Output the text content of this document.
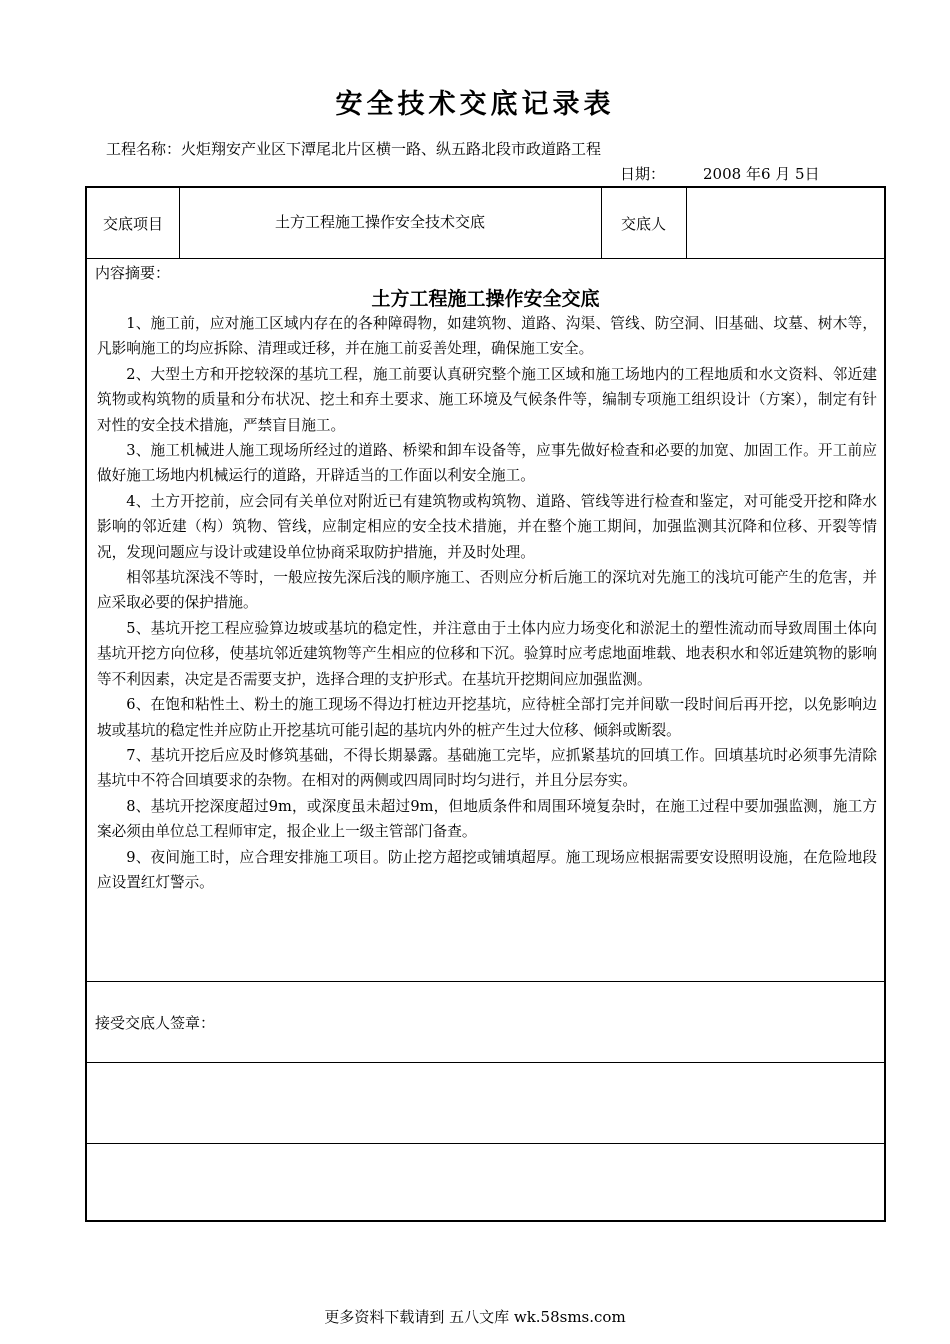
安全技术交底记录表
工程名称：火炬翔安产业区下潭尾北片区横一路、纵五路北段市政道路工程
日期：	2008 年6 月 5日
交底项目	土方工程施工操作安全技术交底	交底人
内容摘要：
土方工程施工操作安全交底

1、施工前，应对施工区域内存在的各种障碍物，如建筑物、道路、沟渠、管线、防空洞、旧基础、坟墓、树木等，凡影响施工的均应拆除、清理或迁移，并在施工前妥善处理，确保施工安全。

2、大型土方和开挖较深的基坑工程，施工前要认真研究整个施工区域和施工场地内的工程地质和水文资料、邻近建筑物或构筑物的质量和分布状况、挖土和弃土要求、施工环境及气候条件等，编制专项施工组织设计（方案），制定有针对性的安全技术措施，严禁盲目施工。

3、施工机械进人施工现场所经过的道路、桥梁和卸车设备等，应事先做好检查和必要的加宽、加固工作。开工前应做好施工场地内机械运行的道路，开辟适当的工作面以利安全施工。

4、土方开挖前，应会同有关单位对附近已有建筑物或构筑物、道路、管线等进行检查和鉴定，对可能受开挖和降水影响的邻近建（构）筑物、管线，应制定相应的安全技术措施，并在整个施工期间，加强监测其沉降和位移、开裂等情况，发现问题应与设计或建设单位协商采取防护措施，并及时处理。

相邻基坑深浅不等时，一般应按先深后浅的顺序施工、否则应分析后施工的深坑对先施工的浅坑可能产生的危害，并应采取必要的保护措施。

5、基坑开挖工程应验算边坡或基坑的稳定性，并注意由于土体内应力场变化和淤泥土的塑性流动而导致周围土体向基坑开挖方向位移，使基坑邻近建筑物等产生相应的位移和下沉。验算时应考虑地面堆载、地表积水和邻近建筑物的影响等不利因素，决定是否需要支护，选择合理的支护形式。在基坑开挖期间应加强监测。

6、在饱和粘性土、粉土的施工现场不得边打桩边开挖基坑，应待桩全部打完并间歇一段时间后再开挖，以免影响边坡或基坑的稳定性并应防止开挖基坑可能引起的基坑内外的桩产生过大位移、倾斜或断裂。

7、基坑开挖后应及时修筑基础，不得长期暴露。基础施工完毕，应抓紧基坑的回填工作。回填基坑时必须事先清除基坑中不符合回填要求的杂物。在相对的两侧或四周同时均匀进行，并且分层夯实。

8、基坑开挖深度超过9m，或深度虽未超过9m，但地质条件和周围环境复杂时，在施工过程中要加强监测，施工方案必须由单位总工程师审定，报企业上一级主管部门备查。

9、夜间施工时，应合理安排施工项目。防止挖方超挖或铺填超厚。施工现场应根据需要安设照明设施，在危险地段应设置红灯警示。

接受交底人签章：
更多资料下载请到 五八文库 wk.58sms.com
